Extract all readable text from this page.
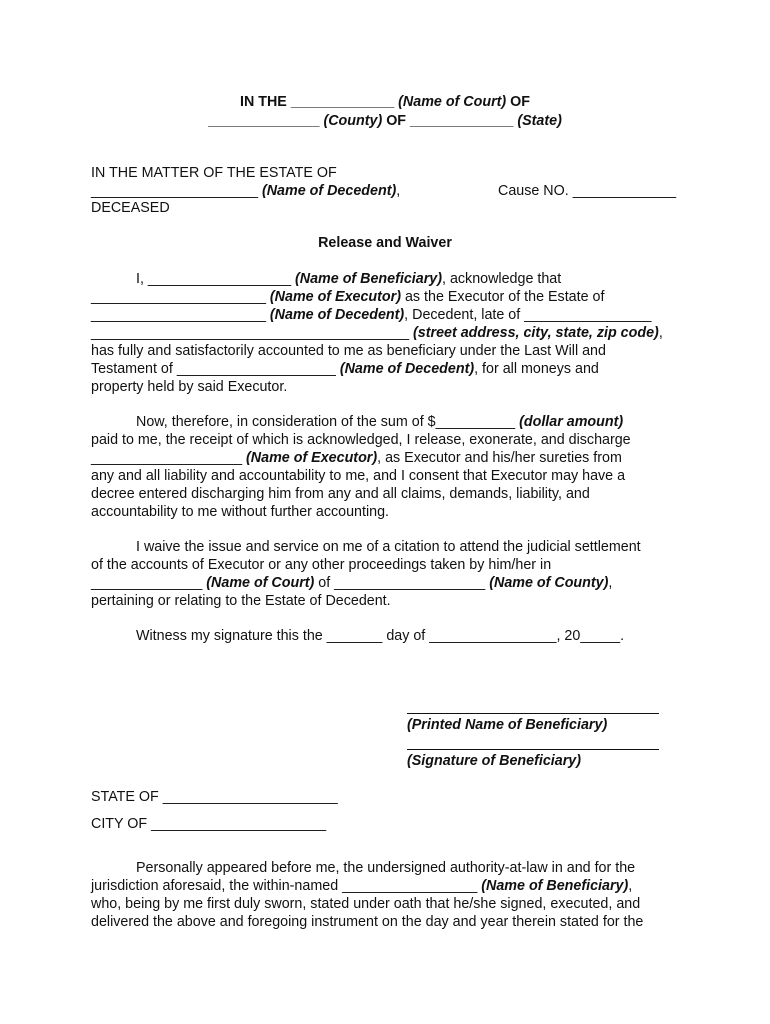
IN THE _____________ (Name of Court) OF
______________ (County) OF _____________ (State)
IN THE MATTER OF THE ESTATE OF
_____________________ (Name of Decedent),	Cause NO. _____________
DECEASED
Release and Waiver
I, __________________ (Name of Beneficiary), acknowledge that
______________________ (Name of Executor) as the Executor of the Estate of
______________________ (Name of Decedent), Decedent, late of ________________
________________________________________ (street address, city, state, zip code),
has fully and satisfactorily accounted to me as beneficiary under the Last Will and
Testament of ____________________ (Name of Decedent), for all moneys and
property held by said Executor.
Now, therefore, in consideration of the sum of $__________ (dollar amount)
paid to me, the receipt of which is acknowledged, I release, exonerate, and discharge
___________________ (Name of Executor), as Executor and his/her sureties from
any and all liability and accountability to me, and I consent that Executor may have a
decree entered discharging him from any and all claims, demands, liability, and
accountability to me without further accounting.
I waive the issue and service on me of a citation to attend the judicial settlement
of the accounts of Executor or any other proceedings taken by him/her in
______________ (Name of Court) of ___________________ (Name of County),
pertaining or relating to the Estate of Decedent.
Witness my signature this the _______ day of ________________, 20_____.
(Printed Name of Beneficiary)
(Signature of Beneficiary)
STATE OF ______________________
CITY OF ______________________
Personally appeared before me, the undersigned authority-at-law in and for the
jurisdiction aforesaid, the within-named _________________ (Name of Beneficiary),
who, being by me first duly sworn, stated under oath that he/she signed, executed, and
delivered the above and foregoing instrument on the day and year therein stated for the
